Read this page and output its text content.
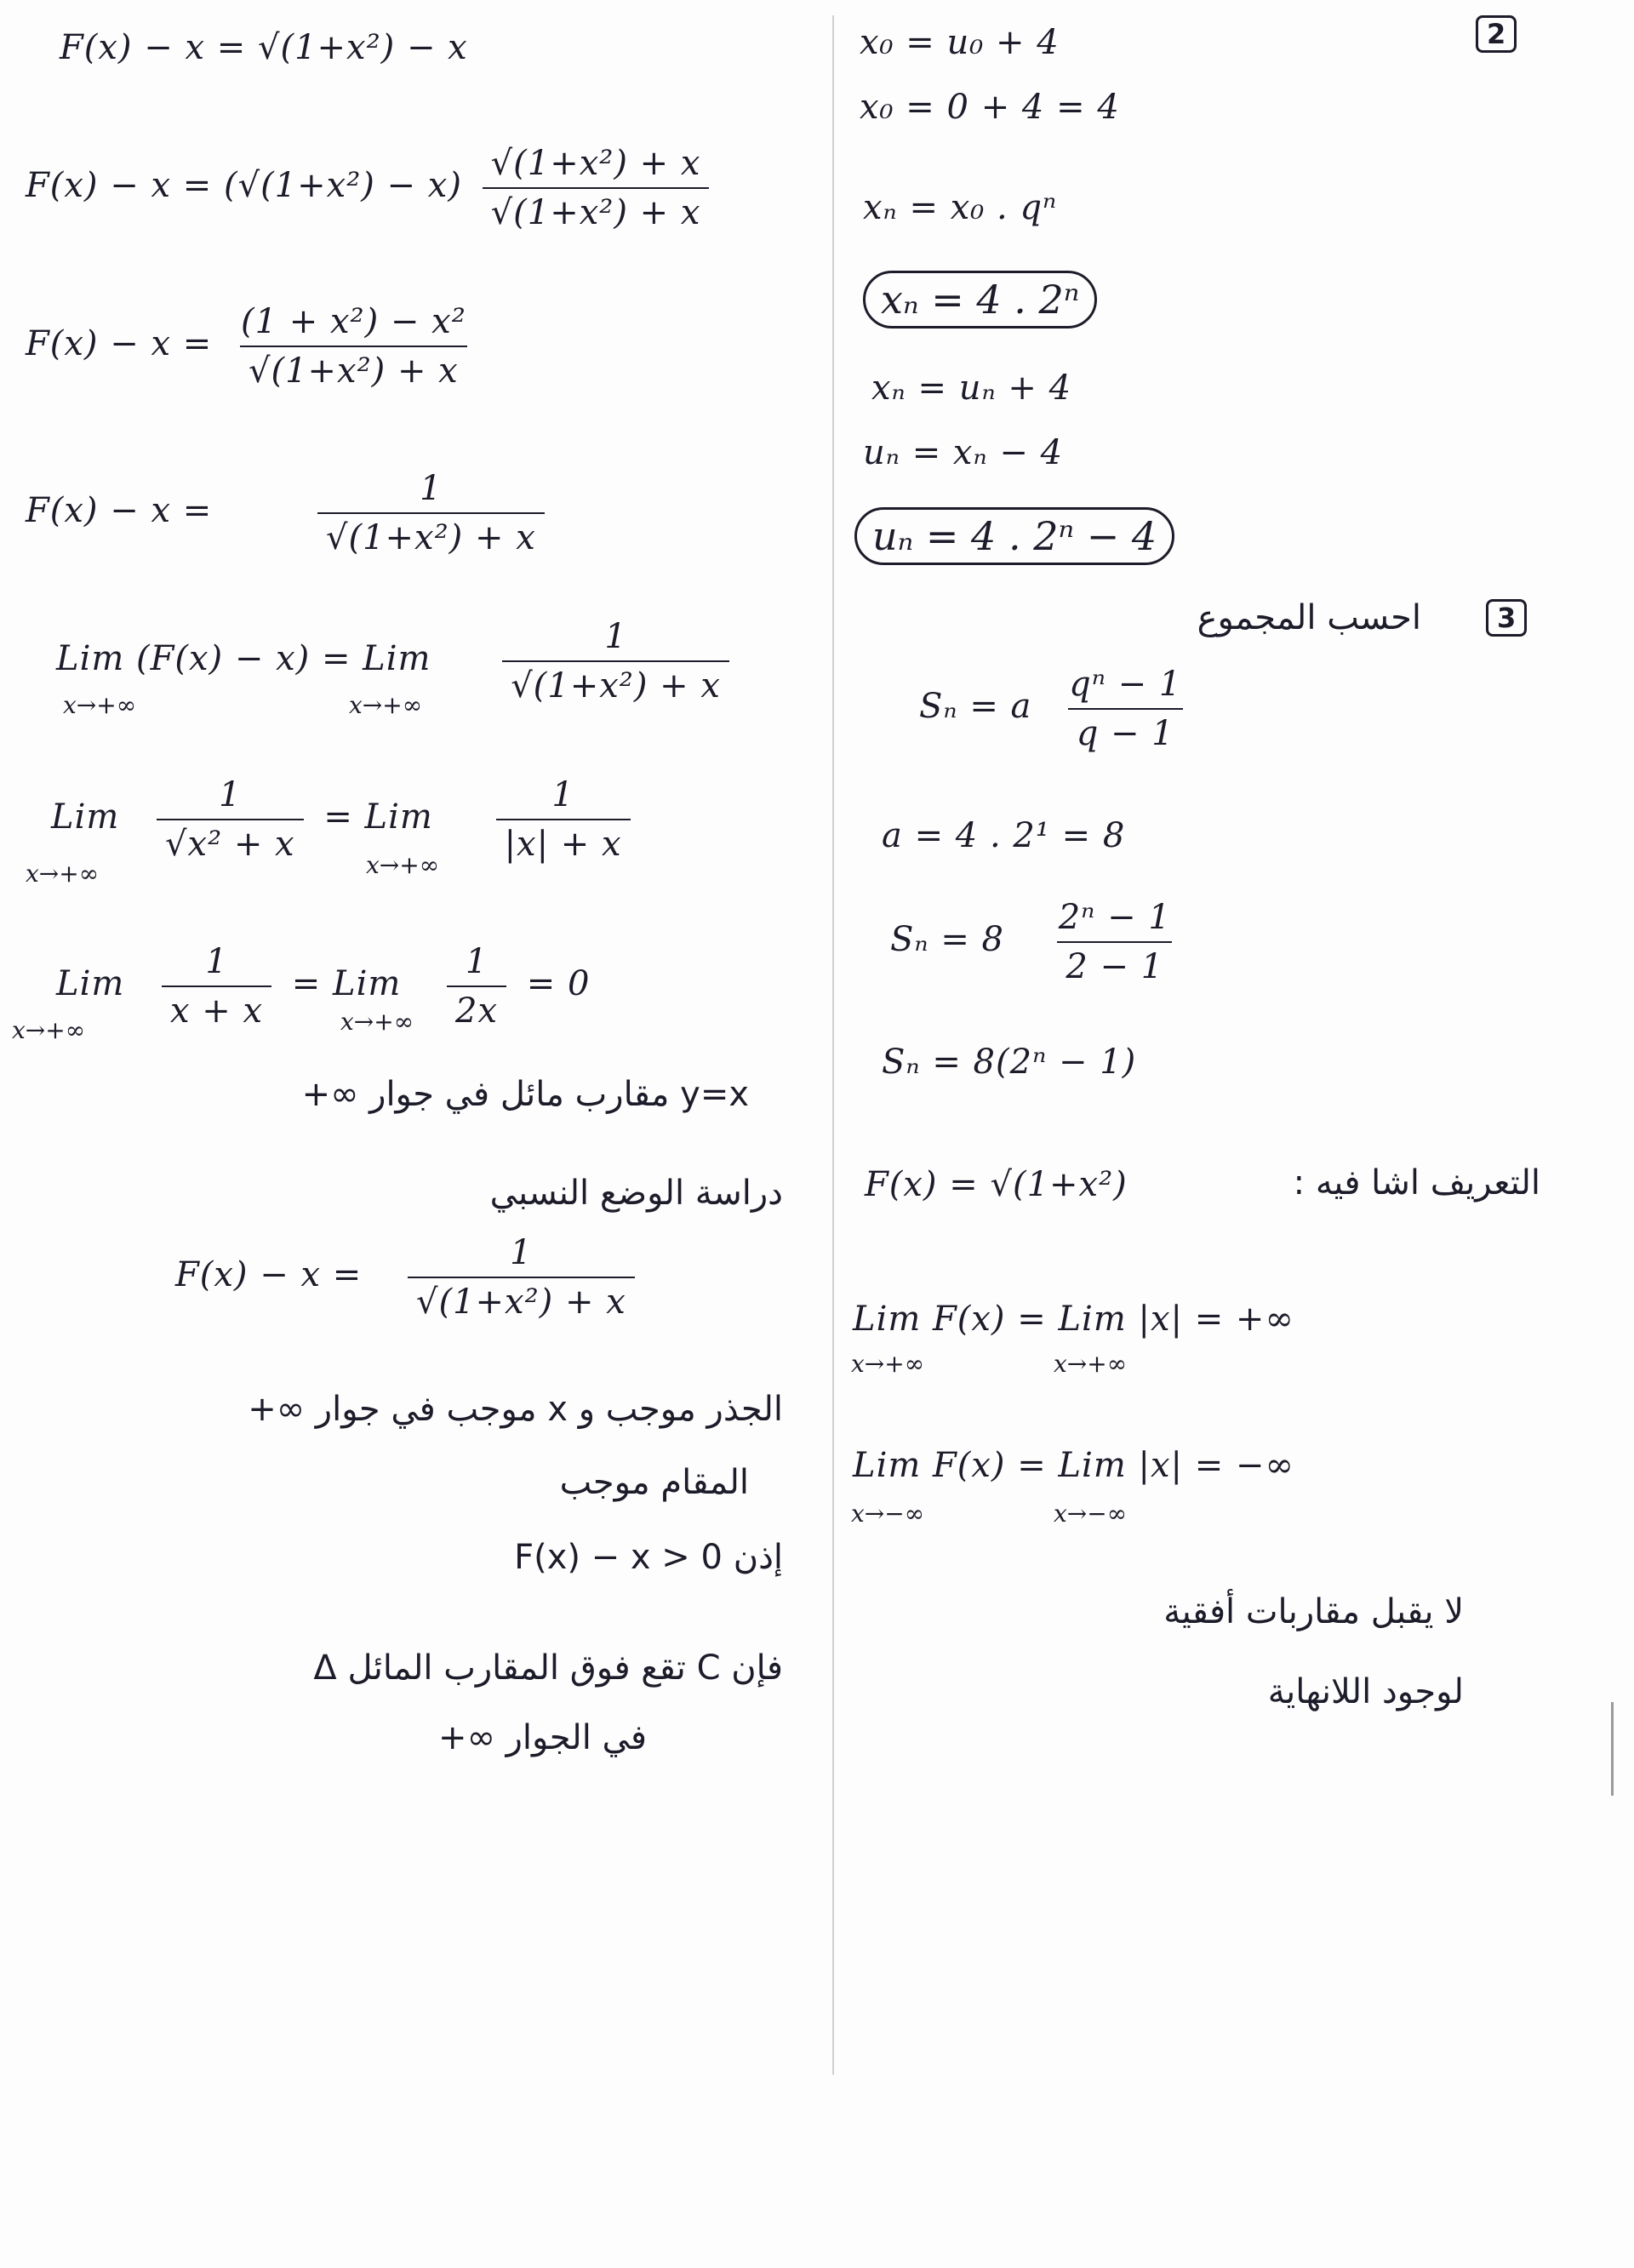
F(x) − x = √(1+x²) − x
$F(x) - x = (√(1+x^2) - x) \frac{\text{√(1+x²) + x}}{\text{√(1+x²) + x}}$
$F(x) - x = \frac{\text{(1 + x²) − x²}}{\text{√(1+x²) + x}}$
F(x) − x =	$\frac{1}{\text{√(1+x²) + x}}$
Lim (F(x) − x) = Lim $\frac{1}{\text{√(1+x²) + x}}$
x→+∞	x→+∞
Lim $\frac{1}{\text{√x² + x}}$ = Lim $\frac{1}{|x| + x}$
x→+∞	x→+∞
Lim $\frac{1}{x + x}$ = Lim $\frac{1}{2x} = 0$
x→+∞	x→+∞
y=x مقارب مائل في جوار ∞+
دراسة الوضع النسبي
$F(x) - x = \frac{1}{\text{√(1+x²) + x}}$
الجذر موجب و x موجب في جوار ∞+
المقام موجب
إذن F(x) − x > 0
فإن C تقع فوق المقارب المائل Δ
في الجوار ∞+
2
x₀ = u₀ + 4
x₀ = 0 + 4 = 4
xₙ = x₀ . qⁿ
xₙ = 4 . 2ⁿ
xₙ = uₙ + 4
uₙ = xₙ − 4
uₙ = 4 . 2ⁿ − 4
3
احسب المجموع
Sₙ = a $\frac{\text{qⁿ − 1}}{q - 1}$
a = 4 . 2¹ = 8
$S_n = 8 \frac{\text{2ⁿ − 1}}{2 - 1}$
Sₙ = 8(2ⁿ − 1)
التعريف اشا فيه :
F(x) = √(1+x²)
Lim F(x) = Lim |x| = +∞
x→+∞	x→+∞
Lim F(x) = Lim |x| = −∞
x→−∞	x→−∞
لا يقبل مقاربات أفقية
لوجود اللانهاية
